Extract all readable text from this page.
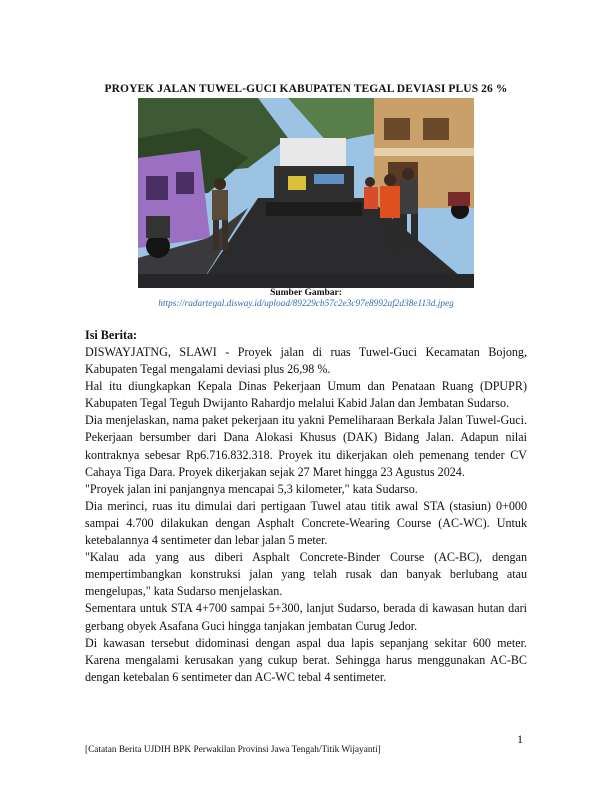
PROYEK JALAN TUWEL-GUCI KABUPATEN TEGAL DEVIASI PLUS 26 %
Sumber Gambar:
https://radartegal.disway.id/upload/89229cb57c2e3c97e8992af2d38e113d.jpeg
Isi Berita:

DISWAYJATNG, SLAWI - Proyek jalan di ruas Tuwel-Guci Kecamatan Bojong, Kabupaten Tegal mengalami deviasi plus 26,98 %.

Hal itu diungkapkan Kepala Dinas Pekerjaan Umum dan Penataan Ruang (DPUPR) Kabupaten Tegal Teguh Dwijanto Rahardjo melalui Kabid Jalan dan Jembatan Sudarso.

Dia menjelaskan, nama paket pekerjaan itu yakni Pemeliharaan Berkala Jalan Tuwel-Guci. Pekerjaan bersumber dari Dana Alokasi Khusus (DAK) Bidang Jalan. Adapun nilai kontraknya sebesar Rp6.716.832.318. Proyek itu dikerjakan oleh pemenang tender CV Cahaya Tiga Dara. Proyek dikerjakan sejak 27 Maret hingga 23 Agustus 2024.

"Proyek jalan ini panjangnya mencapai 5,3 kilometer," kata Sudarso.

Dia merinci, ruas itu dimulai dari pertigaan Tuwel atau titik awal STA (stasiun) 0+000 sampai 4.700 dilakukan dengan Asphalt Concrete-Wearing Course (AC-WC). Untuk ketebalannya 4 sentimeter dan lebar jalan 5 meter.

"Kalau ada yang aus diberi Asphalt Concrete-Binder Course (AC-BC), dengan mempertimbangkan konstruksi jalan yang telah rusak dan banyak berlubang atau mengelupas," kata Sudarso menjelaskan.

Sementara untuk STA 4+700 sampai 5+300, lanjut Sudarso, berada di kawasan hutan dari gerbang obyek Asafana Guci hingga tanjakan jembatan Curug Jedor.

Di kawasan tersebut didominasi dengan aspal dua lapis sepanjang sekitar 600 meter. Karena mengalami kerusakan yang cukup berat. Sehingga harus menggunakan AC-BC dengan ketebalan 6 sentimeter dan AC-WC tebal 4 sentimeter.

1
[Catatan Berita UJDIH BPK Perwakilan Provinsi Jawa Tengah/Titik Wijayanti]
